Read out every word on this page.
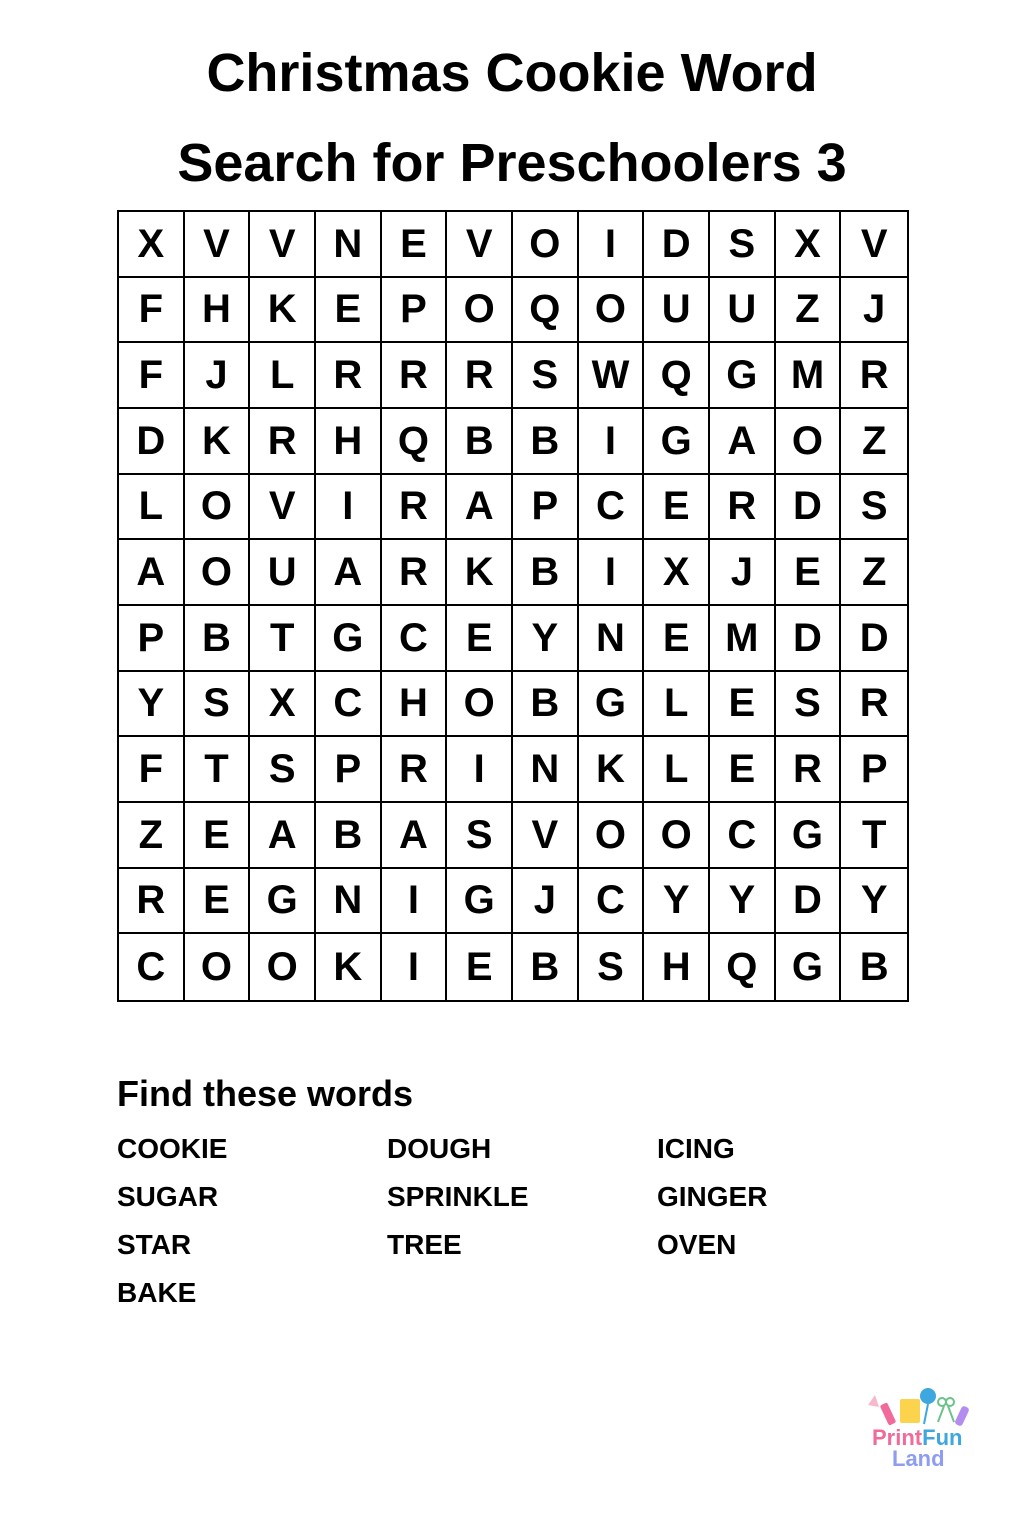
Christmas Cookie Word
Search for Preschoolers 3
X V V N E V O	I	D S X V
F H K E P O Q O U U Z	J
F	J	L R R R S W Q G M R
D K R H Q B B	I	G A O Z
L O V	I	R A P C E R D S
A O U A R K B	I	X	J	E	Z
P B T G C E Y N E M D D
Y S X C H O B G L	E S R
F	T	S P R	I	N K L	E R P
Z	E A B A S V O O C G T
R E G N	I	G J	C Y Y D Y
C O O K	I	E B S H Q G B
Find these words
COOKIE
SUGAR
STAR
BAKE
DOUGH
SPRINKLE
TREE
ICING
GINGER
OVEN
PrintFun
Land
